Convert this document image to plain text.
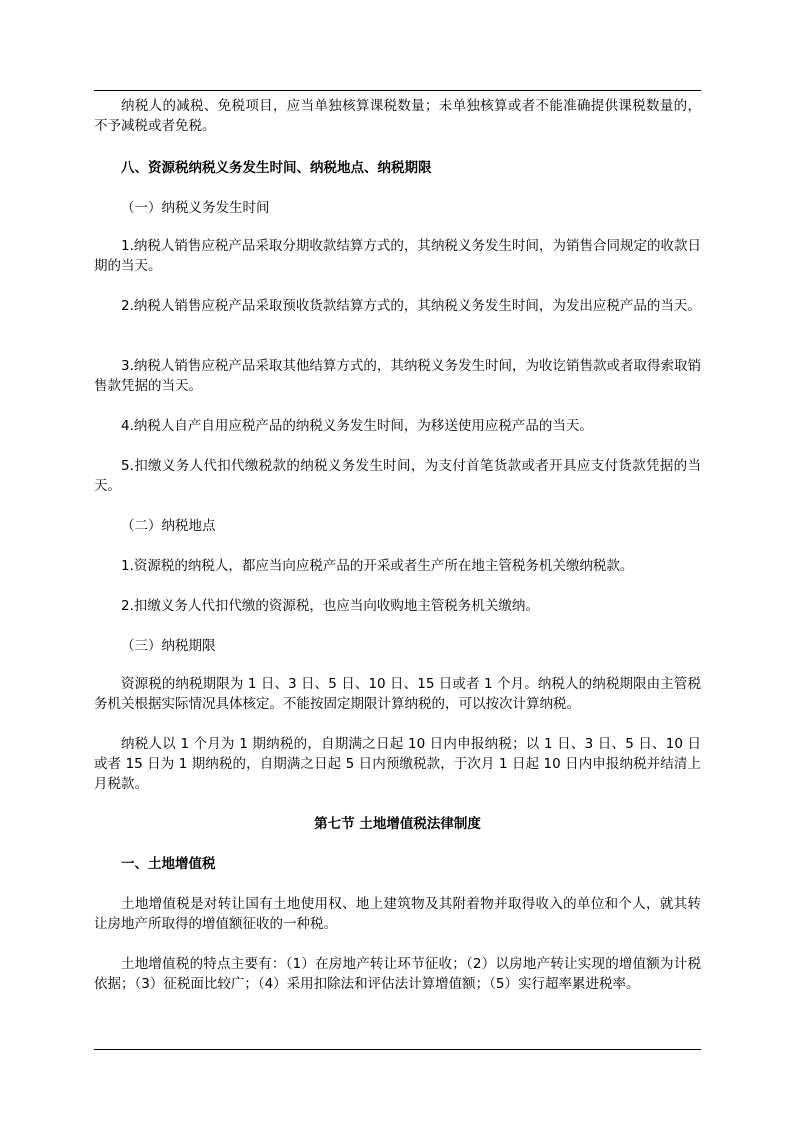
纳税人的减税、免税项目，应当单独核算课税数量；未单独核算或者不能准确提供课税数量的，不予减税或者免税。

八、资源税纳税义务发生时间、纳税地点、纳税期限

（一）纳税义务发生时间

1.纳税人销售应税产品采取分期收款结算方式的，其纳税义务发生时间，为销售合同规定的收款日期的当天。

2.纳税人销售应税产品采取预收货款结算方式的，其纳税义务发生时间，为发出应税产品的当天。

3.纳税人销售应税产品采取其他结算方式的，其纳税义务发生时间，为收讫销售款或者取得索取销售款凭据的当天。

4.纳税人自产自用应税产品的纳税义务发生时间，为移送使用应税产品的当天。

5.扣缴义务人代扣代缴税款的纳税义务发生时间，为支付首笔货款或者开具应支付货款凭据的当天。

（二）纳税地点

1.资源税的纳税人，都应当向应税产品的开采或者生产所在地主管税务机关缴纳税款。

2.扣缴义务人代扣代缴的资源税，也应当向收购地主管税务机关缴纳。

（三）纳税期限

资源税的纳税期限为 1 日、3 日、5 日、10 日、15 日或者 1 个月。纳税人的纳税期限由主管税务机关根据实际情况具体核定。不能按固定期限计算纳税的，可以按次计算纳税。

纳税人以 1 个月为 1 期纳税的，自期满之日起 10 日内申报纳税；以 1 日、3 日、5 日、10 日或者 15 日为 1 期纳税的，自期满之日起 5 日内预缴税款，于次月 1 日起 10 日内申报纳税并结清上月税款。

第七节 土地增值税法律制度

一、土地增值税

土地增值税是对转让国有土地使用权、地上建筑物及其附着物并取得收入的单位和个人，就其转让房地产所取得的增值额征收的一种税。

土地增值税的特点主要有：（1）在房地产转让环节征收；（2）以房地产转让实现的增值额为计税依据；（3）征税面比较广；（4）采用扣除法和评估法计算增值额；（5）实行超率累进税率。
